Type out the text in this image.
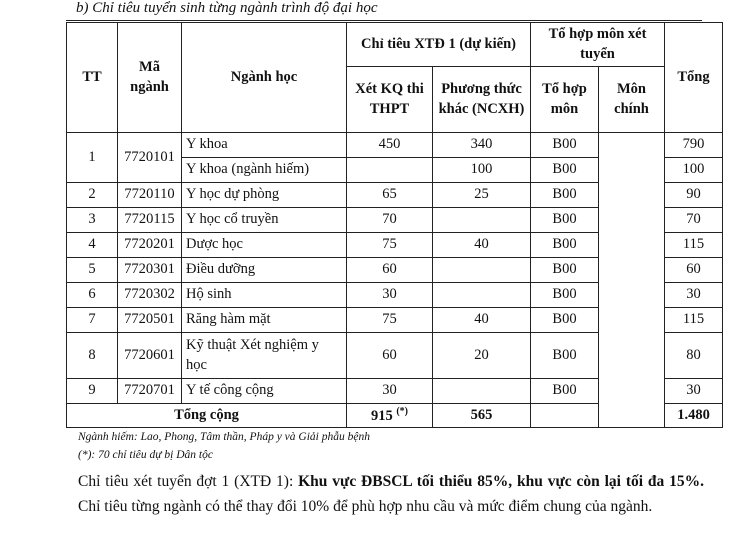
b) Chỉ tiêu tuyển sinh từng ngành trình độ đại học
TT	Mã ngành	Ngành học	Chỉ tiêu XTĐ 1 (dự kiến)		Tổ hợp môn xét tuyển		Tổng
			Xét KQ thi THPT	Phương thức khác (NCXH)	Tổ hợp môn	Môn chính	
1	7720101	Y khoa	450	340	B00		790
		Y khoa (ngành hiếm)		100	B00		100
2	7720110	Y học dự phòng	65	25	B00		90
3	7720115	Y học cổ truyền	70		B00		70
4	7720201	Dược học	75	40	B00		115
5	7720301	Điều dưỡng	60		B00		60
6	7720302	Hộ sinh	30		B00		30
7	7720501	Răng hàm mặt	75	40	B00		115
8	7720601	Kỹ thuật Xét nghiệm y học	60	20	B00		80
9	7720701	Y tế công cộng	30		B00		30
Tổng cộng			915 (*)	565			1.480
Ngành hiếm: Lao, Phong, Tâm thần, Pháp y và Giải phẫu bệnh
(*): 70 chỉ tiêu dự bị Dân tộc
Chỉ tiêu xét tuyển đợt 1 (XTĐ 1): Khu vực ĐBSCL tối thiểu 85%, khu vực còn lại tối đa 15%. Chỉ tiêu từng ngành có thể thay đổi 10% để phù hợp nhu cầu và mức điểm chung của ngành.
